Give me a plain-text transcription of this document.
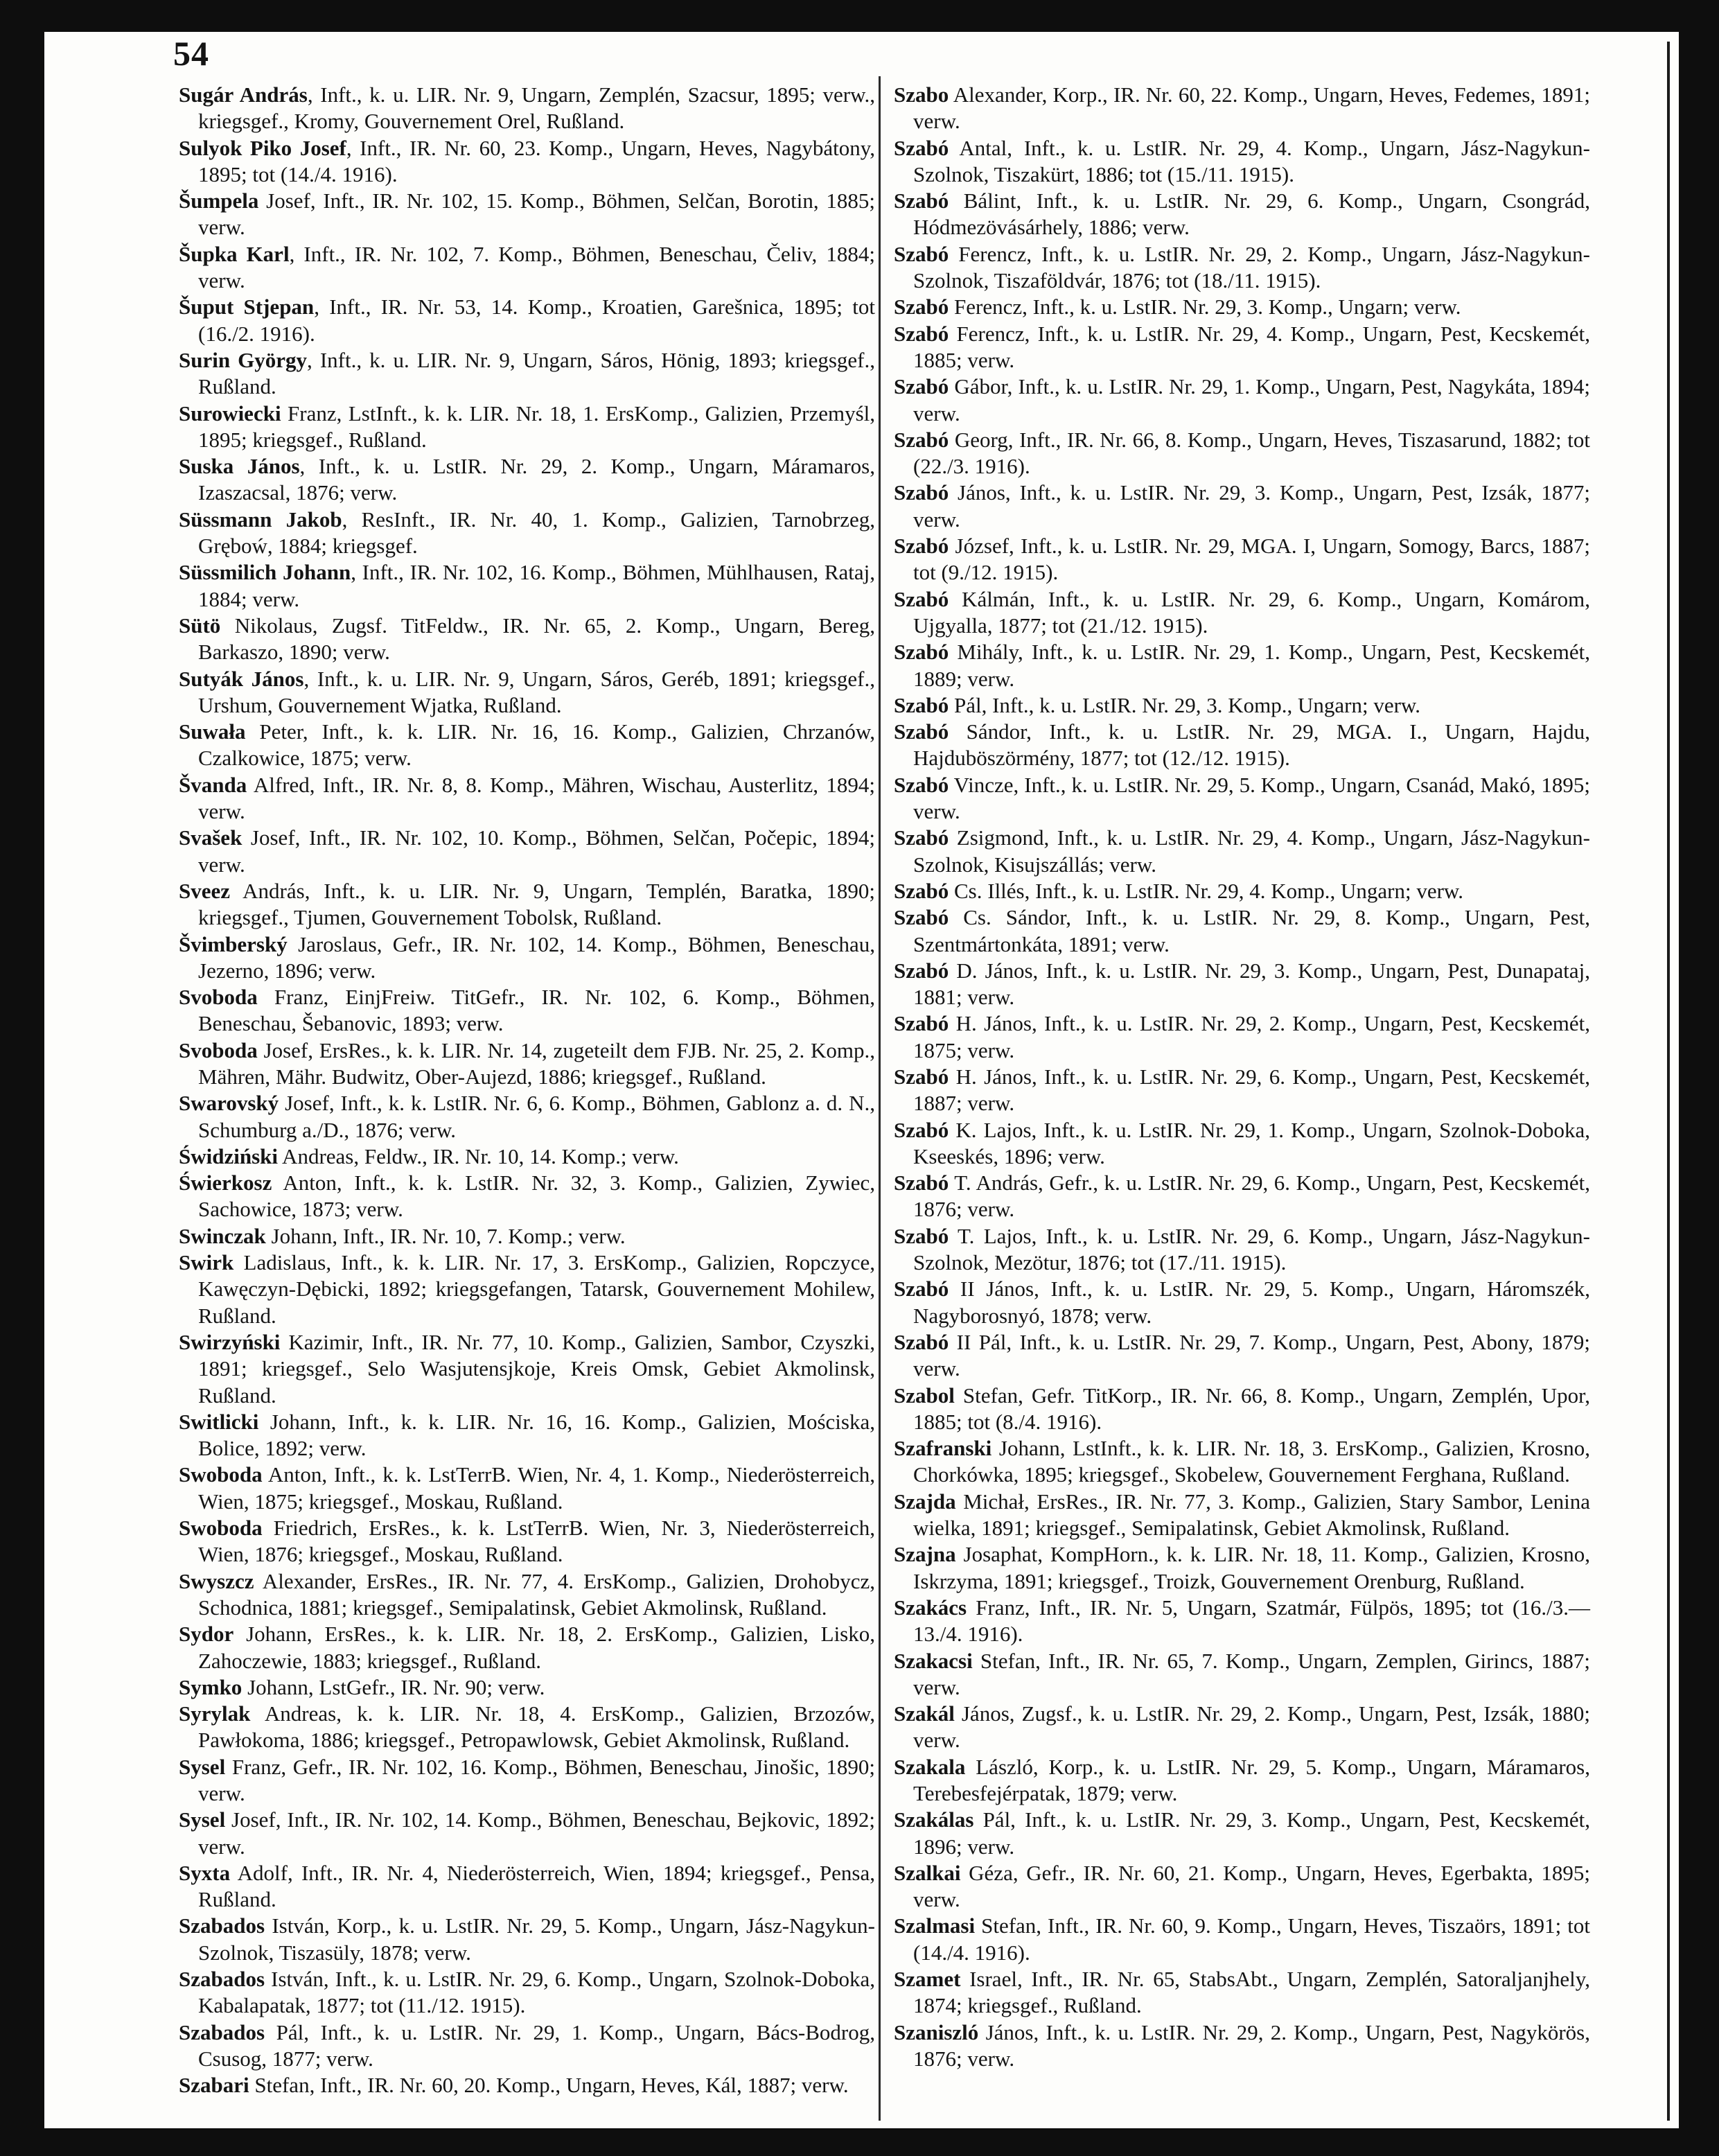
54

Sugár András, Inft., k. u. LIR. Nr. 9, Ungarn, Zemplén, Szacsur, 1895; verw., kriegsgef., Kromy, Gouvernement Orel, Rußland.

Sulyok Piko Josef, Inft., IR. Nr. 60, 23. Komp., Ungarn, Heves, Nagybátony, 1895; tot (14./4. 1916).

Šumpela Josef, Inft., IR. Nr. 102, 15. Komp., Böhmen, Selčan, Borotin, 1885; verw.

Šupka Karl, Inft., IR. Nr. 102, 7. Komp., Böhmen, Beneschau, Čeliv, 1884; verw.

Šuput Stjepan, Inft., IR. Nr. 53, 14. Komp., Kroatien, Garešnica, 1895; tot (16./2. 1916).

Surin György, Inft., k. u. LIR. Nr. 9, Ungarn, Sáros, Hönig, 1893; kriegsgef., Rußland.

Surowiecki Franz, LstInft., k. k. LIR. Nr. 18, 1. ErsKomp., Galizien, Przemyśl, 1895; kriegsgef., Rußland.

Suska János, Inft., k. u. LstIR. Nr. 29, 2. Komp., Ungarn, Máramaros, Izaszacsal, 1876; verw.

Süssmann Jakob, ResInft., IR. Nr. 40, 1. Komp., Galizien, Tarnobrzeg, Gręboẃ, 1884; kriegsgef.

Süssmilich Johann, Inft., IR. Nr. 102, 16. Komp., Böhmen, Mühlhausen, Rataj, 1884; verw.

Sütö Nikolaus, Zugsf. TitFeldw., IR. Nr. 65, 2. Komp., Ungarn, Bereg, Barkaszo, 1890; verw.

Sutyák János, Inft., k. u. LIR. Nr. 9, Ungarn, Sáros, Geréb, 1891; kriegsgef., Urshum, Gouvernement Wjatka, Rußland.

Suwała Peter, Inft., k. k. LIR. Nr. 16, 16. Komp., Galizien, Chrzanów, Czalkowice, 1875; verw.

Švanda Alfred, Inft., IR. Nr. 8, 8. Komp., Mähren, Wischau, Austerlitz, 1894; verw.

Svašek Josef, Inft., IR. Nr. 102, 10. Komp., Böhmen, Selčan, Počepic, 1894; verw.

Sveez András, Inft., k. u. LIR. Nr. 9, Ungarn, Templén, Baratka, 1890; kriegsgef., Tjumen, Gouvernement Tobolsk, Rußland.

Švimberský Jaroslaus, Gefr., IR. Nr. 102, 14. Komp., Böhmen, Beneschau, Jezerno, 1896; verw.

Svoboda Franz, EinjFreiw. TitGefr., IR. Nr. 102, 6. Komp., Böhmen, Beneschau, Šebanovic, 1893; verw.

Svoboda Josef, ErsRes., k. k. LIR. Nr. 14, zugeteilt dem FJB. Nr. 25, 2. Komp., Mähren, Mähr. Budwitz, Ober-Aujezd, 1886; kriegsgef., Rußland.

Swarovský Josef, Inft., k. k. LstIR. Nr. 6, 6. Komp., Böhmen, Gablonz a. d. N., Schumburg a./D., 1876; verw.

Świdziński Andreas, Feldw., IR. Nr. 10, 14. Komp.; verw.

Świerkosz Anton, Inft., k. k. LstIR. Nr. 32, 3. Komp., Galizien, Zywiec, Sachowice, 1873; verw.

Swinczak Johann, Inft., IR. Nr. 10, 7. Komp.; verw.

Swirk Ladislaus, Inft., k. k. LIR. Nr. 17, 3. ErsKomp., Galizien, Ropczyce, Kawęczyn-Dębicki, 1892; kriegsgefangen, Tatarsk, Gouvernement Mohilew, Rußland.

Swirzyński Kazimir, Inft., IR. Nr. 77, 10. Komp., Galizien, Sambor, Czyszki, 1891; kriegsgef., Selo Wasjutensjkoje, Kreis Omsk, Gebiet Akmolinsk, Rußland.

Switlicki Johann, Inft., k. k. LIR. Nr. 16, 16. Komp., Galizien, Mościska, Bolice, 1892; verw.

Swoboda Anton, Inft., k. k. LstTerrB. Wien, Nr. 4, 1. Komp., Niederösterreich, Wien, 1875; kriegsgef., Moskau, Rußland.

Swoboda Friedrich, ErsRes., k. k. LstTerrB. Wien, Nr. 3, Niederösterreich, Wien, 1876; kriegsgef., Moskau, Rußland.

Swyszcz Alexander, ErsRes., IR. Nr. 77, 4. ErsKomp., Galizien, Drohobycz, Schodnica, 1881; kriegsgef., Semipalatinsk, Gebiet Akmolinsk, Rußland.

Sydor Johann, ErsRes., k. k. LIR. Nr. 18, 2. ErsKomp., Galizien, Lisko, Zahoczewie, 1883; kriegsgef., Rußland.

Symko Johann, LstGefr., IR. Nr. 90; verw.

Syrylak Andreas, k. k. LIR. Nr. 18, 4. ErsKomp., Galizien, Brzozów, Pawłokoma, 1886; kriegsgef., Petropawlowsk, Gebiet Akmolinsk, Rußland.

Sysel Franz, Gefr., IR. Nr. 102, 16. Komp., Böhmen, Beneschau, Jinošic, 1890; verw.

Sysel Josef, Inft., IR. Nr. 102, 14. Komp., Böhmen, Beneschau, Bejkovic, 1892; verw.

Syxta Adolf, Inft., IR. Nr. 4, Niederösterreich, Wien, 1894; kriegsgef., Pensa, Rußland.

Szabados István, Korp., k. u. LstIR. Nr. 29, 5. Komp., Ungarn, Jász-Nagykun-Szolnok, Tiszasüly, 1878; verw.

Szabados István, Inft., k. u. LstIR. Nr. 29, 6. Komp., Ungarn, Szolnok-Doboka, Kabalapatak, 1877; tot (11./12. 1915).

Szabados Pál, Inft., k. u. LstIR. Nr. 29, 1. Komp., Ungarn, Bács-Bodrog, Csusog, 1877; verw.

Szabari Stefan, Inft., IR. Nr. 60, 20. Komp., Ungarn, Heves, Kál, 1887; verw.

Szabo Alexander, Korp., IR. Nr. 60, 22. Komp., Ungarn, Heves, Fedemes, 1891; verw.

Szabó Antal, Inft., k. u. LstIR. Nr. 29, 4. Komp., Ungarn, Jász-Nagykun-Szolnok, Tiszakürt, 1886; tot (15./11. 1915).

Szabó Bálint, Inft., k. u. LstIR. Nr. 29, 6. Komp., Ungarn, Csongrád, Hódmezövásárhely, 1886; verw.

Szabó Ferencz, Inft., k. u. LstIR. Nr. 29, 2. Komp., Ungarn, Jász-Nagykun-Szolnok, Tiszaföldvár, 1876; tot (18./11. 1915).

Szabó Ferencz, Inft., k. u. LstIR. Nr. 29, 3. Komp., Ungarn; verw.

Szabó Ferencz, Inft., k. u. LstIR. Nr. 29, 4. Komp., Ungarn, Pest, Kecskemét, 1885; verw.

Szabó Gábor, Inft., k. u. LstIR. Nr. 29, 1. Komp., Ungarn, Pest, Nagykáta, 1894; verw.

Szabó Georg, Inft., IR. Nr. 66, 8. Komp., Ungarn, Heves, Tiszasarund, 1882; tot (22./3. 1916).

Szabó János, Inft., k. u. LstIR. Nr. 29, 3. Komp., Ungarn, Pest, Izsák, 1877; verw.

Szabó József, Inft., k. u. LstIR. Nr. 29, MGA. I, Ungarn, Somogy, Barcs, 1887; tot (9./12. 1915).

Szabó Kálmán, Inft., k. u. LstIR. Nr. 29, 6. Komp., Ungarn, Komárom, Ujgyalla, 1877; tot (21./12. 1915).

Szabó Mihály, Inft., k. u. LstIR. Nr. 29, 1. Komp., Ungarn, Pest, Kecskemét, 1889; verw.

Szabó Pál, Inft., k. u. LstIR. Nr. 29, 3. Komp., Ungarn; verw.

Szabó Sándor, Inft., k. u. LstIR. Nr. 29, MGA. I., Ungarn, Hajdu, Hajduböszörmény, 1877; tot (12./12. 1915).

Szabó Vincze, Inft., k. u. LstIR. Nr. 29, 5. Komp., Ungarn, Csanád, Makó, 1895; verw.

Szabó Zsigmond, Inft., k. u. LstIR. Nr. 29, 4. Komp., Ungarn, Jász-Nagykun-Szolnok, Kisujszállás; verw.

Szabó Cs. Illés, Inft., k. u. LstIR. Nr. 29, 4. Komp., Ungarn; verw.

Szabó Cs. Sándor, Inft., k. u. LstIR. Nr. 29, 8. Komp., Ungarn, Pest, Szentmártonkáta, 1891; verw.

Szabó D. János, Inft., k. u. LstIR. Nr. 29, 3. Komp., Ungarn, Pest, Dunapataj, 1881; verw.

Szabó H. János, Inft., k. u. LstIR. Nr. 29, 2. Komp., Ungarn, Pest, Kecskemét, 1875; verw.

Szabó H. János, Inft., k. u. LstIR. Nr. 29, 6. Komp., Ungarn, Pest, Kecskemét, 1887; verw.

Szabó K. Lajos, Inft., k. u. LstIR. Nr. 29, 1. Komp., Ungarn, Szolnok-Doboka, Kseeskés, 1896; verw.

Szabó T. András, Gefr., k. u. LstIR. Nr. 29, 6. Komp., Ungarn, Pest, Kecskemét, 1876; verw.

Szabó T. Lajos, Inft., k. u. LstIR. Nr. 29, 6. Komp., Ungarn, Jász-Nagykun-Szolnok, Mezötur, 1876; tot (17./11. 1915).

Szabó II János, Inft., k. u. LstIR. Nr. 29, 5. Komp., Ungarn, Háromszék, Nagyborosnyó, 1878; verw.

Szabó II Pál, Inft., k. u. LstIR. Nr. 29, 7. Komp., Ungarn, Pest, Abony, 1879; verw.

Szabol Stefan, Gefr. TitKorp., IR. Nr. 66, 8. Komp., Ungarn, Zemplén, Upor, 1885; tot (8./4. 1916).

Szafranski Johann, LstInft., k. k. LIR. Nr. 18, 3. ErsKomp., Galizien, Krosno, Chorkówka, 1895; kriegsgef., Skobelew, Gouvernement Ferghana, Rußland.

Szajda Michał, ErsRes., IR. Nr. 77, 3. Komp., Galizien, Stary Sambor, Lenina wielka, 1891; kriegsgef., Semipalatinsk, Gebiet Akmolinsk, Rußland.

Szajna Josaphat, KompHorn., k. k. LIR. Nr. 18, 11. Komp., Galizien, Krosno, Iskrzyma, 1891; kriegsgef., Troizk, Gouvernement Orenburg, Rußland.

Szakács Franz, Inft., IR. Nr. 5, Ungarn, Szatmár, Fülpös, 1895; tot (16./3.—13./4. 1916).

Szakacsi Stefan, Inft., IR. Nr. 65, 7. Komp., Ungarn, Zemplen, Girincs, 1887; verw.

Szakál János, Zugsf., k. u. LstIR. Nr. 29, 2. Komp., Ungarn, Pest, Izsák, 1880; verw.

Szakala László, Korp., k. u. LstIR. Nr. 29, 5. Komp., Ungarn, Máramaros, Terebesfejérpatak, 1879; verw.

Szakálas Pál, Inft., k. u. LstIR. Nr. 29, 3. Komp., Ungarn, Pest, Kecskemét, 1896; verw.

Szalkai Géza, Gefr., IR. Nr. 60, 21. Komp., Ungarn, Heves, Egerbakta, 1895; verw.

Szalmasi Stefan, Inft., IR. Nr. 60, 9. Komp., Ungarn, Heves, Tiszaörs, 1891; tot (14./4. 1916).

Szamet Israel, Inft., IR. Nr. 65, StabsAbt., Ungarn, Zemplén, Satoraljanjhely, 1874; kriegsgef., Rußland.

Szaniszló János, Inft., k. u. LstIR. Nr. 29, 2. Komp., Ungarn, Pest, Nagykörös, 1876; verw.
